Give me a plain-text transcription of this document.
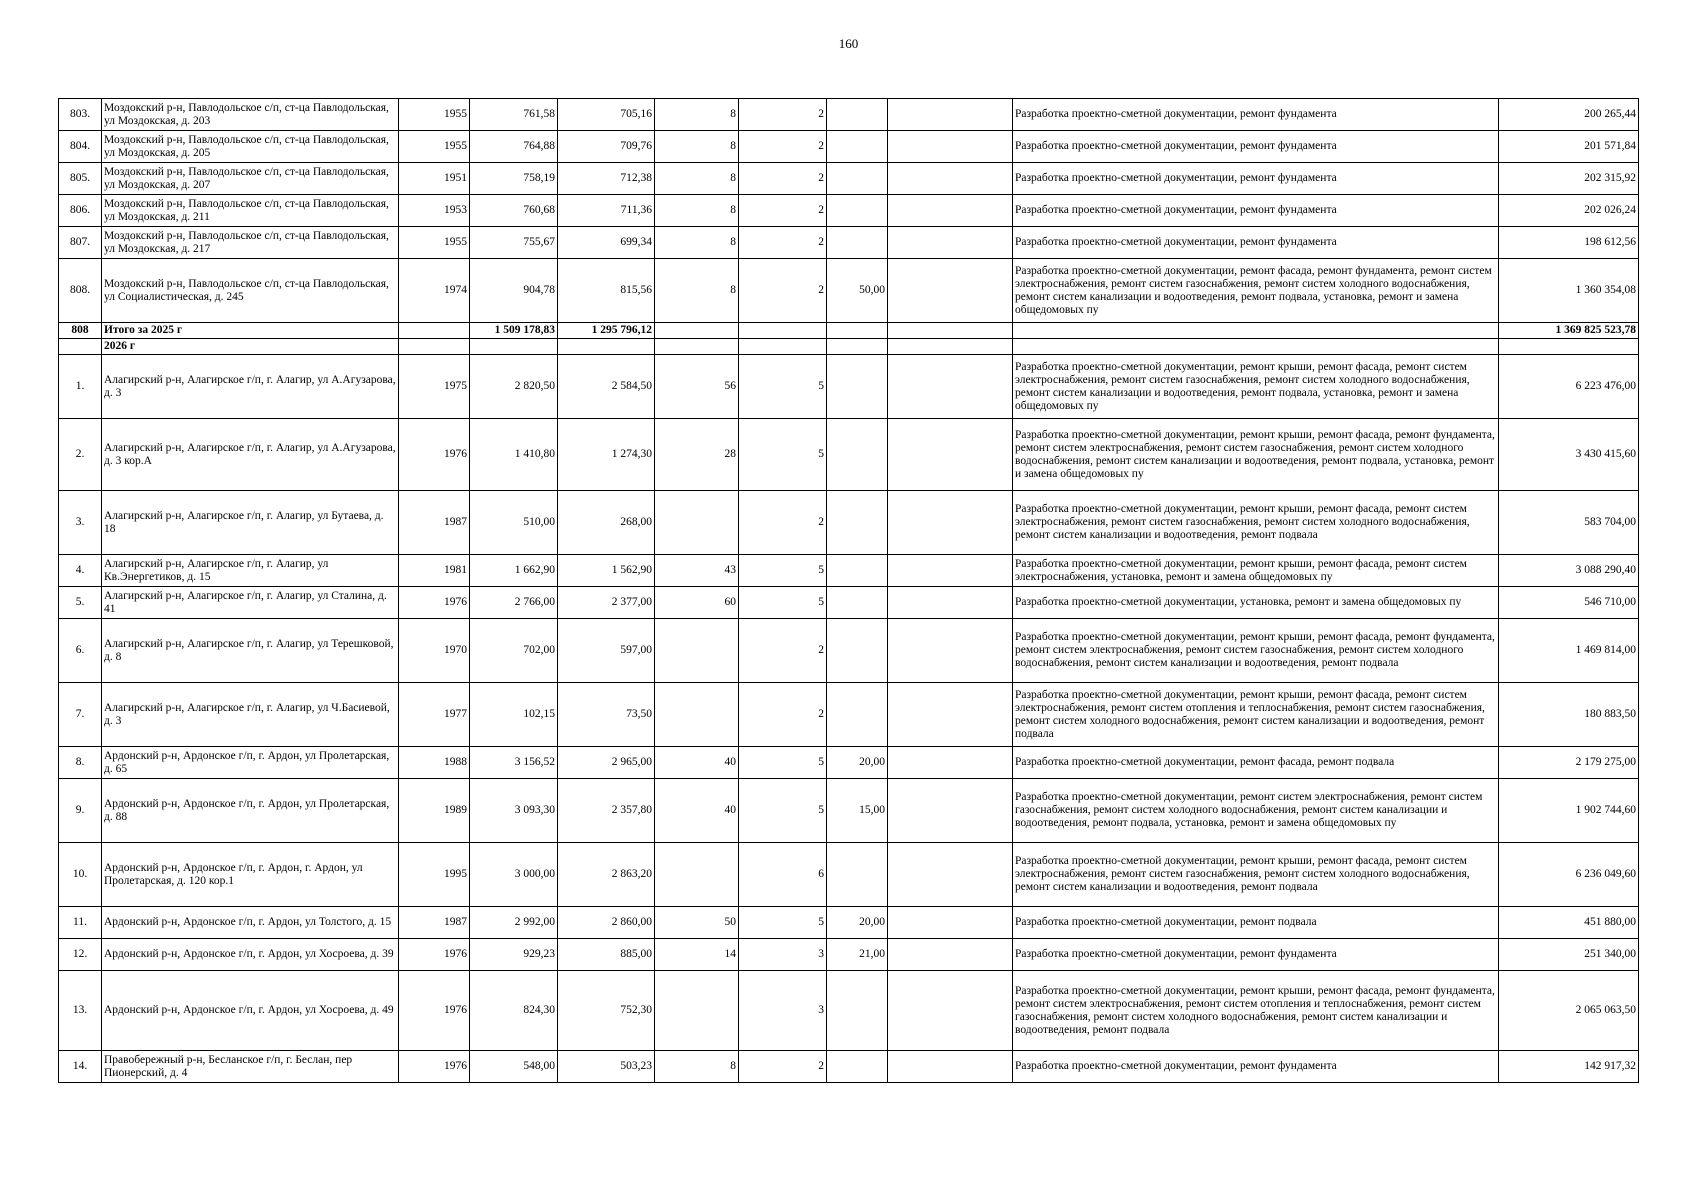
160
803.	Моздокский р-н, Павлодольское с/п, ст-ца Павлодольская, ул Моздокская, д. 203	1955	761,58	705,16	8	2			Разработка проектно-сметной документации, ремонт фундамента	200 265,44
804.	Моздокский р-н, Павлодольское с/п, ст-ца Павлодольская, ул Моздокская, д. 205	1955	764,88	709,76	8	2			Разработка проектно-сметной документации, ремонт фундамента	201 571,84
805.	Моздокский р-н, Павлодольское с/п, ст-ца Павлодольская, ул Моздокская, д. 207	1951	758,19	712,38	8	2			Разработка проектно-сметной документации, ремонт фундамента	202 315,92
806.	Моздокский р-н, Павлодольское с/п, ст-ца Павлодольская, ул Моздокская, д. 211	1953	760,68	711,36	8	2			Разработка проектно-сметной документации, ремонт фундамента	202 026,24
807.	Моздокский р-н, Павлодольское с/п, ст-ца Павлодольская, ул Моздокская, д. 217	1955	755,67	699,34	8	2			Разработка проектно-сметной документации, ремонт фундамента	198 612,56
808.	Моздокский р-н, Павлодольское с/п, ст-ца Павлодольская, ул Социалистическая, д. 245	1974	904,78	815,56	8	2	50,00		Разработка проектно-сметной документации, ремонт фасада, ремонт фундамента, ремонт систем электроснабжения, ремонт систем газоснабжения, ремонт систем холодного водоснабжения, ремонт систем канализации и водоотведения, ремонт подвала, установка, ремонт и замена общедомовых пу	1 360 354,08
808	Итого за 2025 г		1 509 178,83	1 295 796,12						1 369 825 523,78
	2026 г									
1.	Алагирский р-н, Алагирское г/п, г. Алагир, ул А.Агузарова, д. 3	1975	2 820,50	2 584,50	56	5			Разработка проектно-сметной документации, ремонт крыши, ремонт фасада, ремонт систем электроснабжения, ремонт систем газоснабжения, ремонт систем холодного водоснабжения, ремонт систем канализации и водоотведения, ремонт подвала, установка, ремонт и замена общедомовых пу	6 223 476,00
2.	Алагирский р-н, Алагирское г/п, г. Алагир, ул А.Агузарова, д. 3 кор.А	1976	1 410,80	1 274,30	28	5			Разработка проектно-сметной документации, ремонт крыши, ремонт фасада, ремонт фундамента, ремонт систем электроснабжения, ремонт систем газоснабжения, ремонт систем холодного водоснабжения, ремонт систем канализации и водоотведения, ремонт подвала, установка, ремонт и замена общедомовых пу	3 430 415,60
3.	Алагирский р-н, Алагирское г/п, г. Алагир, ул Бутаева, д. 18	1987	510,00	268,00		2			Разработка проектно-сметной документации, ремонт крыши, ремонт фасада, ремонт систем электроснабжения, ремонт систем газоснабжения, ремонт систем холодного водоснабжения, ремонт систем канализации и водоотведения, ремонт подвала	583 704,00
4.	Алагирский р-н, Алагирское г/п, г. Алагир, ул Кв.Энергетиков, д. 15	1981	1 662,90	1 562,90	43	5			Разработка проектно-сметной документации, ремонт крыши, ремонт фасада, ремонт систем электроснабжения, установка, ремонт и замена общедомовых пу	3 088 290,40
5.	Алагирский р-н, Алагирское г/п, г. Алагир, ул Сталина, д. 41	1976	2 766,00	2 377,00	60	5			Разработка проектно-сметной документации, установка, ремонт и замена общедомовых пу	546 710,00
6.	Алагирский р-н, Алагирское г/п, г. Алагир, ул Терешковой, д. 8	1970	702,00	597,00		2			Разработка проектно-сметной документации, ремонт крыши, ремонт фасада, ремонт фундамента, ремонт систем электроснабжения, ремонт систем газоснабжения, ремонт систем холодного водоснабжения, ремонт систем канализации и водоотведения, ремонт подвала	1 469 814,00
7.	Алагирский р-н, Алагирское г/п, г. Алагир, ул Ч.Басиевой, д. 3	1977	102,15	73,50		2			Разработка проектно-сметной документации, ремонт крыши, ремонт фасада, ремонт систем электроснабжения, ремонт систем отопления и теплоснабжения, ремонт систем газоснабжения, ремонт систем холодного водоснабжения, ремонт систем канализации и водоотведения, ремонт подвала	180 883,50
8.	Ардонский р-н, Ардонское г/п, г. Ардон, ул Пролетарская, д. 65	1988	3 156,52	2 965,00	40	5	20,00		Разработка проектно-сметной документации, ремонт фасада, ремонт подвала	2 179 275,00
9.	Ардонский р-н, Ардонское г/п, г. Ардон, ул Пролетарская, д. 88	1989	3 093,30	2 357,80	40	5	15,00		Разработка проектно-сметной документации, ремонт систем электроснабжения, ремонт систем газоснабжения, ремонт систем холодного водоснабжения, ремонт систем канализации и водоотведения, ремонт подвала, установка, ремонт и замена общедомовых пу	1 902 744,60
10.	Ардонский р-н, Ардонское г/п, г. Ардон, г. Ардон, ул Пролетарская, д. 120 кор.1	1995	3 000,00	2 863,20		6			Разработка проектно-сметной документации, ремонт крыши, ремонт фасада, ремонт систем электроснабжения, ремонт систем газоснабжения, ремонт систем холодного водоснабжения, ремонт систем канализации и водоотведения, ремонт подвала	6 236 049,60
11.	Ардонский р-н, Ардонское г/п, г. Ардон, ул Толстого, д. 15	1987	2 992,00	2 860,00	50	5	20,00		Разработка проектно-сметной документации, ремонт подвала	451 880,00
12.	Ардонский р-н, Ардонское г/п, г. Ардон, ул Хосроева, д. 39	1976	929,23	885,00	14	3	21,00		Разработка проектно-сметной документации, ремонт фундамента	251 340,00
13.	Ардонский р-н, Ардонское г/п, г. Ардон, ул Хосроева, д. 49	1976	824,30	752,30		3			Разработка проектно-сметной документации, ремонт крыши, ремонт фасада, ремонт фундамента, ремонт систем электроснабжения, ремонт систем отопления и теплоснабжения, ремонт систем газоснабжения, ремонт систем холодного водоснабжения, ремонт систем канализации и водоотведения, ремонт подвала	2 065 063,50
14.	Правобережный р-н, Бесланское г/п, г. Беслан, пер Пионерский, д. 4	1976	548,00	503,23	8	2			Разработка проектно-сметной документации, ремонт фундамента	142 917,32
